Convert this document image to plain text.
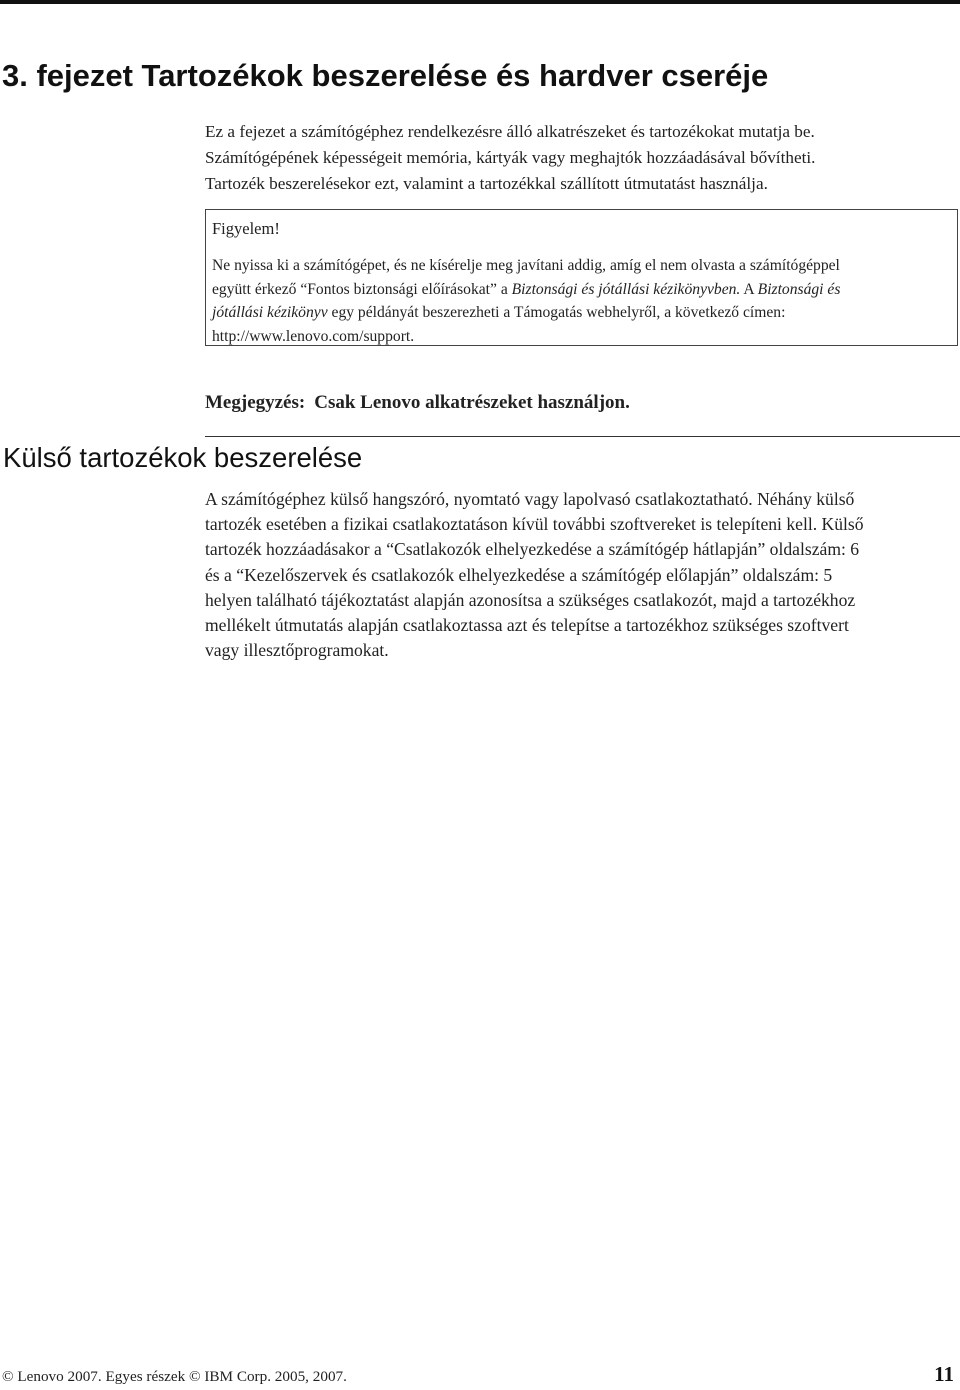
3. fejezet Tartozékok beszerelése és hardver cseréje

Ez a fejezet a számítógéphez rendelkezésre álló alkatrészeket és tartozékokat mutatja be.
Számítógépének képességeit memória, kártyák vagy meghajtók hozzáadásával bővítheti.
Tartozék beszerelésekor ezt, valamint a tartozékkal szállított útmutatást használja.

Figyelem!

Ne nyissa ki a számítógépet, és ne kísérelje meg javítani addig, amíg el nem olvasta a számítógéppel
együtt érkező “Fontos biztonsági előírásokat” a Biztonsági és jótállási kézikönyvben. A Biztonsági és
jótállási kézikönyv egy példányát beszerezheti a Támogatás webhelyről, a következő címen:
http://www.lenovo.com/support.

Megjegyzés: Csak Lenovo alkatrészeket használjon.

Külső tartozékok beszerelése

A számítógéphez külső hangszóró, nyomtató vagy lapolvasó csatlakoztatható. Néhány külső
tartozék esetében a fizikai csatlakoztatáson kívül további szoftvereket is telepíteni kell. Külső
tartozék hozzáadásakor a “Csatlakozók elhelyezkedése a számítógép hátlapján” oldalszám: 6
és a “Kezelőszervek és csatlakozók elhelyezkedése a számítógép előlapján” oldalszám: 5
helyen található tájékoztatást alapján azonosítsa a szükséges csatlakozót, majd a tartozékhoz
mellékelt útmutatás alapján csatlakoztassa azt és telepítse a tartozékhoz szükséges szoftvert
vagy illesztőprogramokat.

© Lenovo 2007. Egyes részek © IBM Corp. 2005, 2007.	11
